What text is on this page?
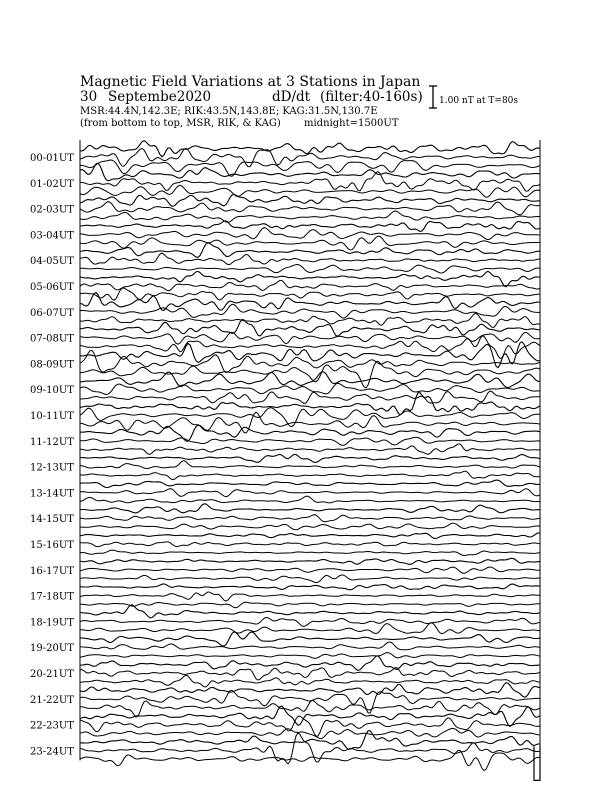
Magnetic Field Variations at 3 Stations in Japan
30 Septembe2020	dD/dt (filter:40-160s)
MSR:44.4N,142.3E; RIK:43.5N,143.8E; KAG:31.5N,130.7E
(from bottom to top, MSR, RIK, & KAG) midnight=1500UT
1.00 nT at T=80s
00-01UT
01-02UT
02-03UT
03-04UT
04-05UT
05-06UT
06-07UT
07-08UT
08-09UT
09-10UT
10-11UT
11-12UT
12-13UT
13-14UT
14-15UT
15-16UT
16-17UT
17-18UT
18-19UT
19-20UT
20-21UT
21-22UT
22-23UT
23-24UT
